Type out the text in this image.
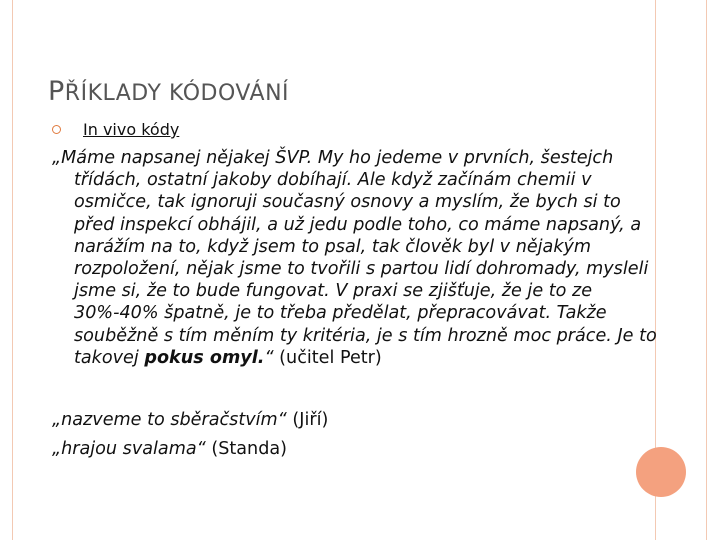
PŘÍKLADY KÓDOVÁNÍ
In vivo kódy

„Máme napsanej nějakej ŠVP. My ho jedeme v prvních, šestejch třídách, ostatní jakoby dobíhají. Ale když začínám chemii v osmičce, tak ignoruji současný osnovy a myslím, že bych si to před inspekcí obhájil, a už jedu podle toho, co máme napsaný, a narážím na to, když jsem to psal, tak člověk byl v nějakým rozpoložení, nějak jsme to tvořili s partou lidí dohromady, mysleli jsme si, že to bude fungovat. V praxi se zjišťuje, že je to ze 30%-40% špatně, je to třeba předělat, přepracovávat. Takže souběžně s tím měním ty kritéria, je s tím hrozně moc práce. Je to takovej pokus omyl.“ (učitel Petr)

„nazveme to sběračstvím“ (Jiří)

„hrajou svalama“ (Standa)
